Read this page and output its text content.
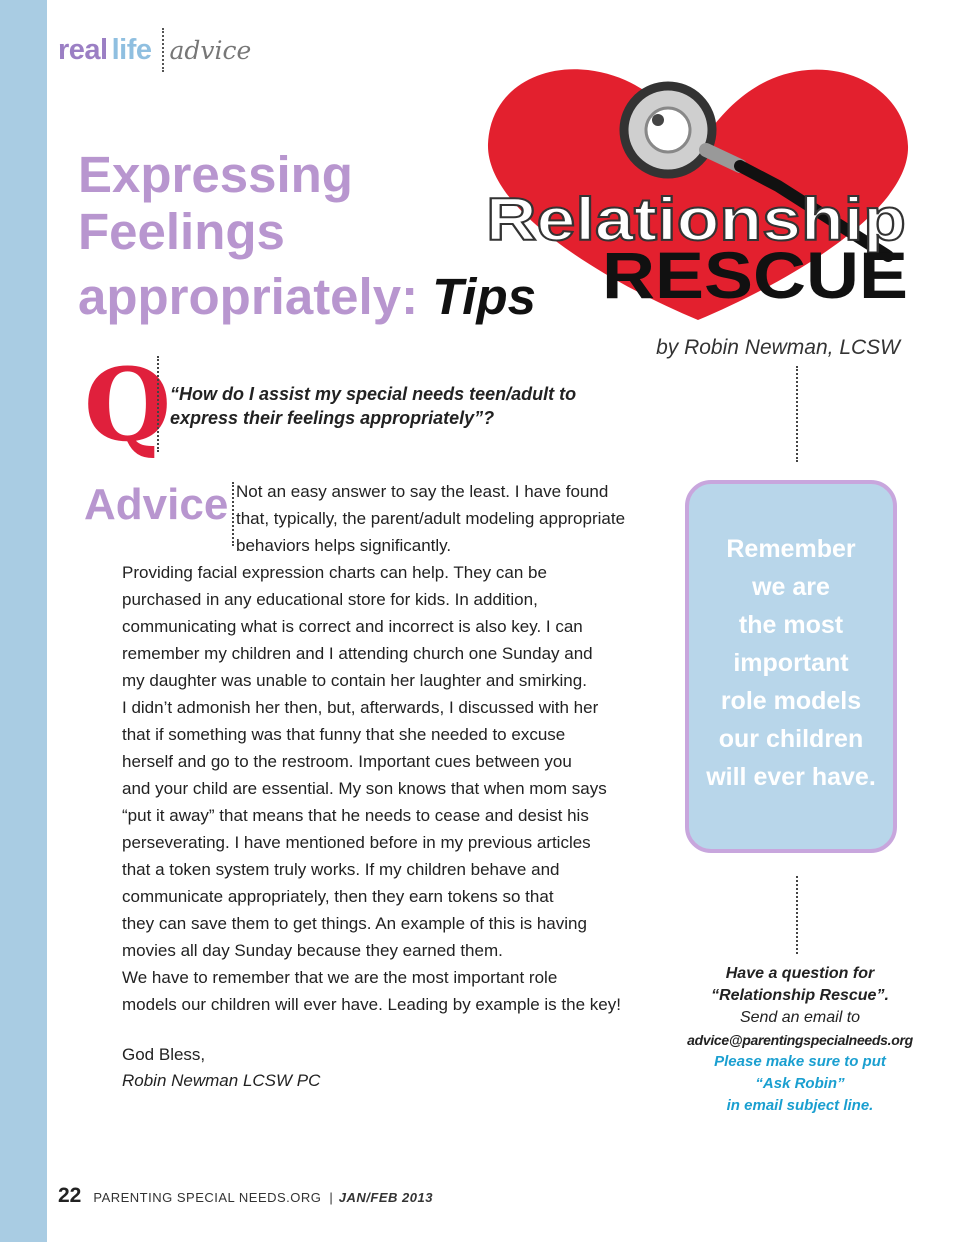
real life advice
Expressing
Feelings
appropriately: Tips
Relationship
RESCUE
by Robin Newman, LCSW
Q
“How do I assist my special needs teen/adult to express their feelings appropriately”?
Advice Not an easy answer to say the least. I have found that, typically, the parent/adult modeling appropriate behaviors helps significantly.

Providing facial expression charts can help. They can be
purchased in any educational store for kids. In addition,
communicating what is correct and incorrect is also key. I can
remember my children and I attending church one Sunday and
my daughter was unable to contain her laughter and smirking.
I didn’t admonish her then, but, afterwards, I discussed with her
that if something was that funny that she needed to excuse
herself and go to the restroom. Important cues between you
and your child are essential. My son knows that when mom says
“put it away” that means that he needs to cease and desist his
perseverating. I have mentioned before in my previous articles
that a token system truly works. If my children behave and
communicate appropriately, then they earn tokens so that
they can save them to get things. An example of this is having
movies all day Sunday because they earned them.

We have to remember that we are the most important role
models our children will ever have. Leading by example is the key!

God Bless,
Robin Newman LCSW PC
Remember
we are
the most
important
role models
our children
will ever have.
Have a question for
“Relationship Rescue”.
Send an email to
advice@parentingspecialneeds.org
Please make sure to put
“Ask Robin”
in email subject line.
22 PARENTING SPECIAL NEEDS.ORG | JAN/FEB 2013
